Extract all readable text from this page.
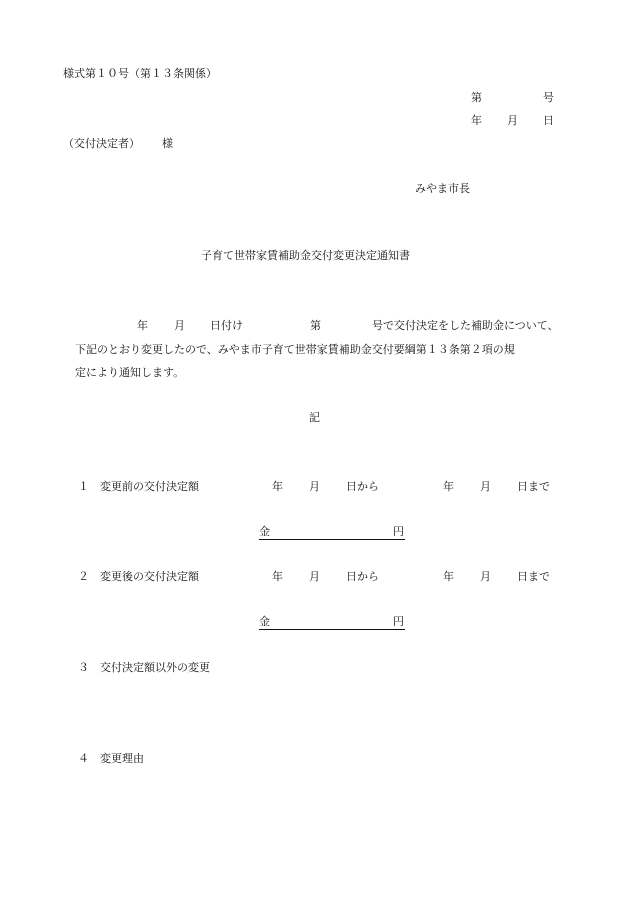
様式第１０号（第１３条関係）
第	号
年 月 日
（交付決定者） 様
みやま市長
子育て世帯家賃補助金交付変更決定通知書
年 月 日付け	第	号で交付決定をした補助金について、
下記のとおり変更したので、みやま市子育て世帯家賃補助金交付要綱第１３条第２項の規
定により通知します。
記
１ 変更前の交付決定額	年 月 日から	年 月 日まで
金	円
２ 変更後の交付決定額	年 月 日から	年 月 日まで
金	円
３ 交付決定額以外の変更
４ 変更理由
